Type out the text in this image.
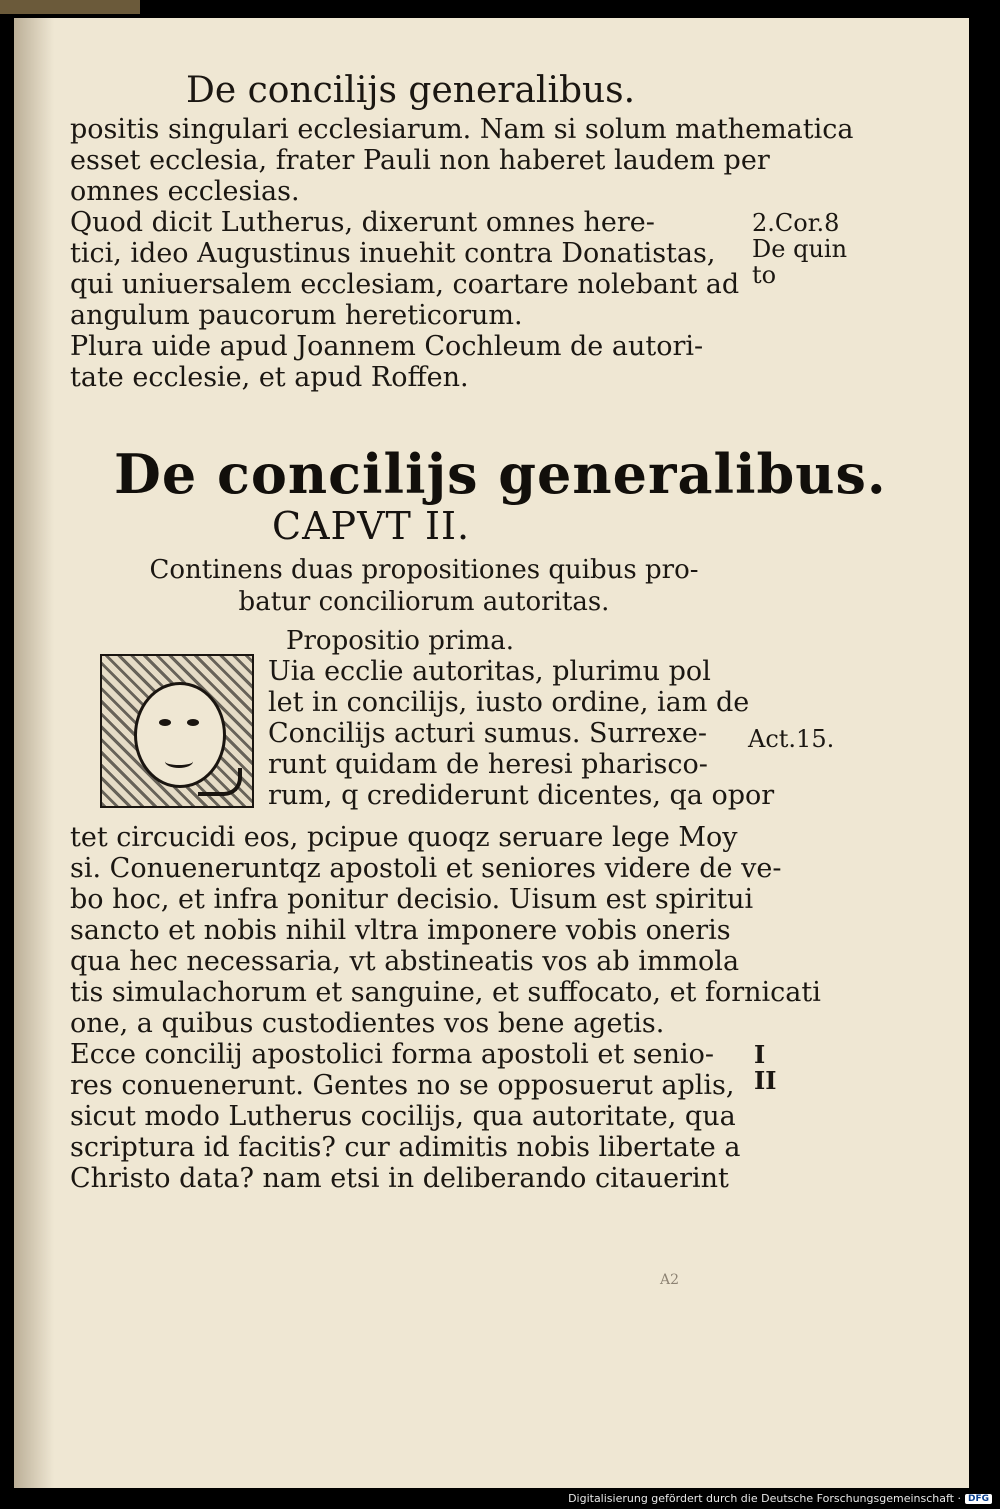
De concilijs generalibus.

positis singulari ecclesiarum. Nam si solum mathematica

esset ecclesia, frater Pauli non haberet laudem per

omnes ecclesias.

Quod dicit Lutherus, dixerunt omnes here-

tici, ideo Augustinus inuehit contra Donatistas,

qui uniuersalem ecclesiam, coartare nolebant ad

angulum paucorum hereticorum.

Plura uide apud Joannem Cochleum de autori-

tate ecclesie, et apud Roffen.

De concilijs generalibus.
CAPVT II.

Continens duas propositiones quibus pro-

batur conciliorum autoritas.

Propositio prima.

Uia ecclie autoritas, plurimu pol

let in concilijs, iusto ordine, iam de

Concilijs acturi sumus. Surrexe-

runt quidam de heresi pharisco-

rum, q crediderunt dicentes, qa opor

tet circucidi eos, pcipue quoqz seruare lege Moy

si. Conueneruntqz apostoli et seniores videre de ve-

bo hoc, et infra ponitur decisio. Uisum est spiritui

sancto et nobis nihil vltra imponere vobis oneris

qua hec necessaria, vt abstineatis vos ab immola

tis simulachorum et sanguine, et suffocato, et fornicati

one, a quibus custodientes vos bene agetis.

Ecce concilij apostolici forma apostoli et senio-

res conuenerunt. Gentes no se opposuerut aplis,

sicut modo Lutherus cocilijs, qua autoritate, qua

scriptura id facitis? cur adimitis nobis libertate a

Christo data? nam etsi in deliberando citauerint

2.Cor.8
De quin
to
Act.15.
I
II
A2
Digitalisierung gefördert durch die Deutsche Forschungsgemeinschaft · DFG
